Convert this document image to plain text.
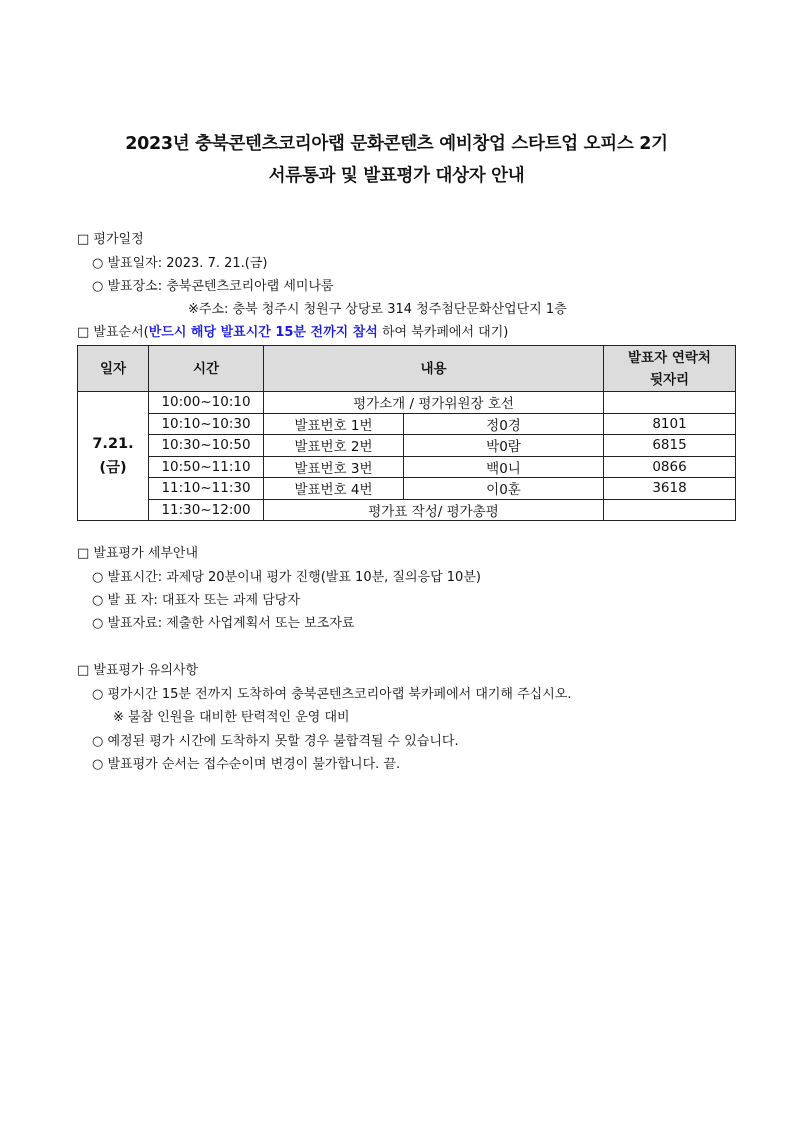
2023년 충북콘텐츠코리아랩 문화콘텐츠 예비창업 스타트업 오피스 2기
서류통과 및 발표평가 대상자 안내
□ 평가일정
○ 발표일자: 2023. 7. 21.(금)
○ 발표장소: 충북콘텐츠코리아랩 세미나룸
※주소: 충북 청주시 청원구 상당로 314 청주첨단문화산업단지 1층
□ 발표순서(반드시 해당 발표시간 15분 전까지 참석 하여 북카페에서 대기)
일자	시간	내용		발표자 연락처
뒷자리

7.21.
(금)	10:00~10:10	평가소개 / 평가위원장 호선		
	10:10~10:30	발표번호 1번	정0경	8101
	10:30~10:50	발표번호 2번	박0람	6815
	10:50~11:10	발표번호 3번	백0니	0866
	11:10~11:30	발표번호 4번	이0훈	3618
	11:30~12:00	평가표 작성/ 평가총평		
□ 발표평가 세부안내
○ 발표시간: 과제당 20분이내 평가 진행(발표 10분, 질의응답 10분)
○ 발 표 자: 대표자 또는 과제 담당자
○ 발표자료: 제출한 사업계획서 또는 보조자료
□ 발표평가 유의사항
○ 평가시간 15분 전까지 도착하여 충북콘텐츠코리아랩 북카페에서 대기해 주십시오.
※ 불참 인원을 대비한 탄력적인 운영 대비
○ 예정된 평가 시간에 도착하지 못할 경우 불합격될 수 있습니다.
○ 발표평가 순서는 접수순이며 변경이 불가합니다. 끝.
